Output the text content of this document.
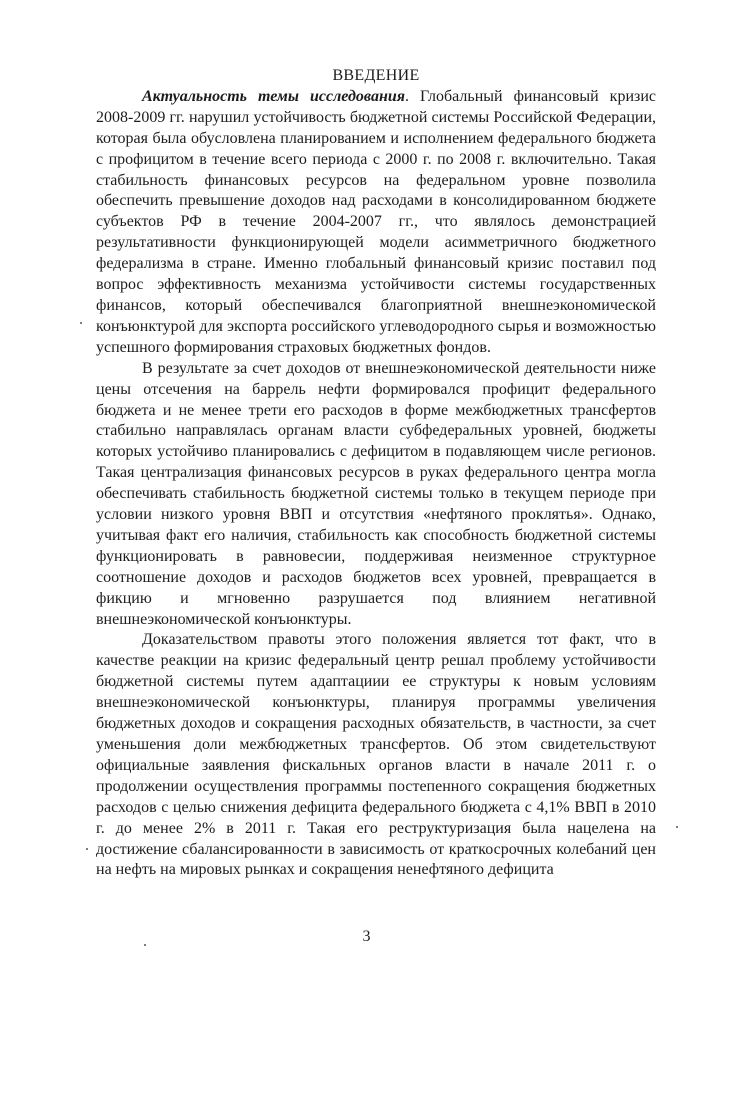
ВВЕДЕНИЕ

Актуальность темы исследования. Глобальный финансовый кризис 2008-2009 гг. нарушил устойчивость бюджетной системы Российской Федерации, которая была обусловлена планированием и исполнением федерального бюджета с профицитом в течение всего периода с 2000 г. по 2008 г. включительно. Такая стабильность финансовых ресурсов на федеральном уровне позволила обеспечить превышение доходов над расходами в консолидированном бюджете субъектов РФ в течение 2004-2007 гг., что являлось демонстрацией результативности функционирующей модели асимметричного бюджетного федерализма в стране. Именно глобальный финансовый кризис поставил под вопрос эффективность механизма устойчивости системы государственных финансов, который обеспечивался благоприятной внешнеэкономической конъюнктурой для экспорта российского углеводородного сырья и возможностью успешного формирования страховых бюджетных фондов.

В результате за счет доходов от внешнеэкономической деятельности ниже цены отсечения на баррель нефти формировался профицит федерального бюджета и не менее трети его расходов в форме межбюджетных трансфертов стабильно направлялась органам власти субфедеральных уровней, бюджеты которых устойчиво планировались с дефицитом в подавляющем числе регионов. Такая централизация финансовых ресурсов в руках федерального центра могла обеспечивать стабильность бюджетной системы только в текущем периоде при условии низкого уровня ВВП и отсутствия «нефтяного проклятья». Однако, учитывая факт его наличия, стабильность как способность бюджетной системы функционировать в равновесии, поддерживая неизменное структурное соотношение доходов и расходов бюджетов всех уровней, превращается в фикцию и мгновенно разрушается под влиянием негативной внешнеэкономической конъюнктуры.

Доказательством правоты этого положения является тот факт, что в качестве реакции на кризис федеральный центр решал проблему устойчивости бюджетной системы путем адаптациии ее структуры к новым условиям внешнеэкономической конъюнктуры, планируя программы увеличения бюджетных доходов и сокращения расходных обязательств, в частности, за счет уменьшения доли межбюджетных трансфертов. Об этом свидетельствуют официальные заявления фискальных органов власти в начале 2011 г. о продолжении осуществления программы постепенного сокращения бюджетных расходов с целью снижения дефицита федерального бюджета с 4,1% ВВП в 2010 г. до менее 2% в 2011 г. Такая его реструктуризация была нацелена на достижение сбалансированности в зависимость от краткосрочных колебаний цен на нефть на мировых рынках и сокращения ненефтяного дефицита

3
